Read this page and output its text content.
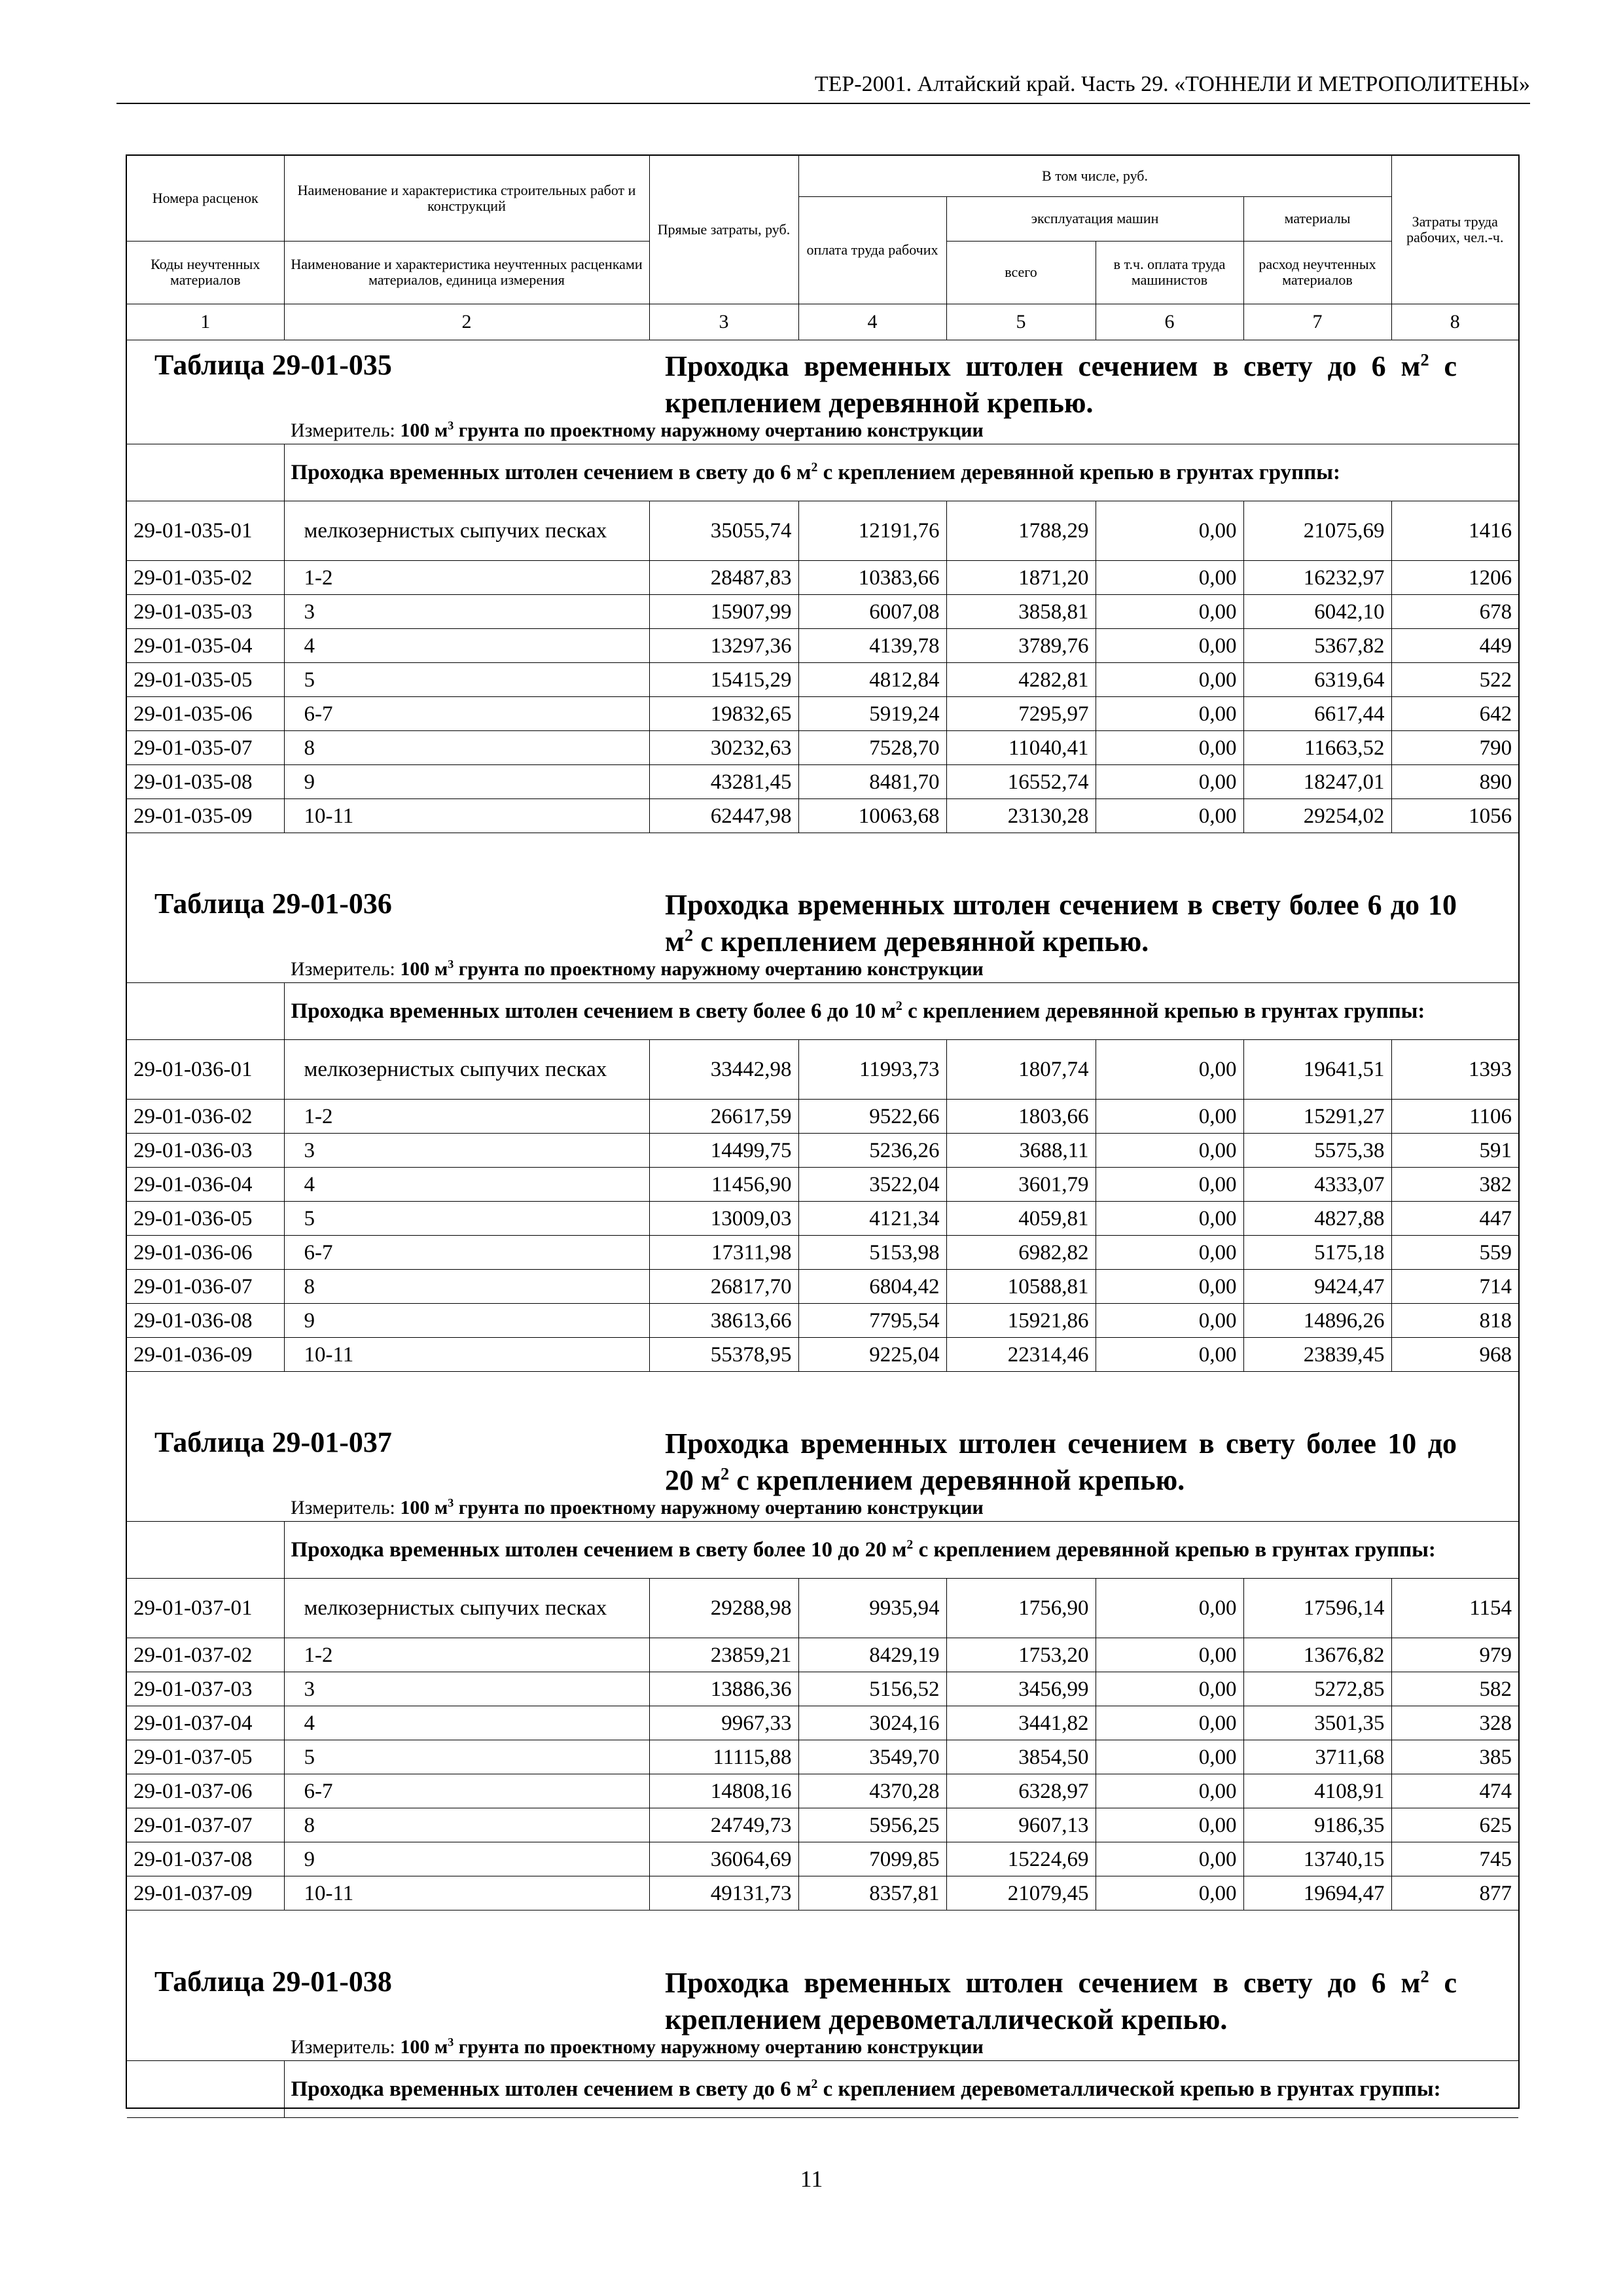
ТЕР-2001. Алтайский край. Часть 29. «ТОННЕЛИ И МЕТРОПОЛИТЕНЫ»
Номера расценок	Наименование и характеристика строительных работ и конструкций	Прямые затраты, руб.	В том числе, руб.				Затраты труда рабочих, чел.-ч.
			оплата труда рабочих	эксплуатация машин		материалы	
Коды неучтенных материалов	Наименование и характеристика неучтенных расценками материалов, единица измерения			всего	в т.ч. оплата труда машинистов	расход неучтенных материалов	
1	2	3	4	5	6	7	8
Таблица 29-01-035	Проходка временных штолен сечением в свету до 6 $м^2$ с креплением деревянной крепью.
Измеритель: 100 $м^3$ грунта по проектному наружному очертанию конструкции
	Проходка временных штолен сечением в свету до 6 $м^2$ с креплением деревянной крепью в грунтах группы:						
29-01-035-01	мелкозернистых сыпучих песках	35055,74	12191,76	1788,29	0,00	21075,69	1416
29-01-035-02	1-2	28487,83	10383,66	1871,20	0,00	16232,97	1206
29-01-035-03	3	15907,99	6007,08	3858,81	0,00	6042,10	678
29-01-035-04	4	13297,36	4139,78	3789,76	0,00	5367,82	449
29-01-035-05	5	15415,29	4812,84	4282,81	0,00	6319,64	522
29-01-035-06	6-7	19832,65	5919,24	7295,97	0,00	6617,44	642
29-01-035-07	8	30232,63	7528,70	11040,41	0,00	11663,52	790
29-01-035-08	9	43281,45	8481,70	16552,74	0,00	18247,01	890
29-01-035-09	10-11	62447,98	10063,68	23130,28	0,00	29254,02	1056
Таблица 29-01-036	Проходка временных штолен сечением в свету более 6 до 10 $м^2$ с креплением деревянной крепью.
Измеритель: 100 $м^3$ грунта по проектному наружному очертанию конструкции
	Проходка временных штолен сечением в свету более 6 до 10 $м^2$ с креплением деревянной крепью в грунтах группы:						
29-01-036-01	мелкозернистых сыпучих песках	33442,98	11993,73	1807,74	0,00	19641,51	1393
29-01-036-02	1-2	26617,59	9522,66	1803,66	0,00	15291,27	1106
29-01-036-03	3	14499,75	5236,26	3688,11	0,00	5575,38	591
29-01-036-04	4	11456,90	3522,04	3601,79	0,00	4333,07	382
29-01-036-05	5	13009,03	4121,34	4059,81	0,00	4827,88	447
29-01-036-06	6-7	17311,98	5153,98	6982,82	0,00	5175,18	559
29-01-036-07	8	26817,70	6804,42	10588,81	0,00	9424,47	714
29-01-036-08	9	38613,66	7795,54	15921,86	0,00	14896,26	818
29-01-036-09	10-11	55378,95	9225,04	22314,46	0,00	23839,45	968
Таблица 29-01-037	Проходка временных штолен сечением в свету более 10 до 20 $м^2$ с креплением деревянной крепью.
Измеритель: 100 $м^3$ грунта по проектному наружному очертанию конструкции
	Проходка временных штолен сечением в свету более 10 до 20 $м^2$ с креплением деревянной крепью в грунтах группы:						
29-01-037-01	мелкозернистых сыпучих песках	29288,98	9935,94	1756,90	0,00	17596,14	1154
29-01-037-02	1-2	23859,21	8429,19	1753,20	0,00	13676,82	979
29-01-037-03	3	13886,36	5156,52	3456,99	0,00	5272,85	582
29-01-037-04	4	9967,33	3024,16	3441,82	0,00	3501,35	328
29-01-037-05	5	11115,88	3549,70	3854,50	0,00	3711,68	385
29-01-037-06	6-7	14808,16	4370,28	6328,97	0,00	4108,91	474
29-01-037-07	8	24749,73	5956,25	9607,13	0,00	9186,35	625
29-01-037-08	9	36064,69	7099,85	15224,69	0,00	13740,15	745
29-01-037-09	10-11	49131,73	8357,81	21079,45	0,00	19694,47	877
Таблица 29-01-038	Проходка временных штолен сечением в свету до 6 $м^2$ с креплением деревометаллической крепью.
Измеритель: 100 $м^3$ грунта по проектному наружному очертанию конструкции
	Проходка временных штолен сечением в свету до 6 $м^2$ с креплением деревометаллической крепью в грунтах группы:
11
